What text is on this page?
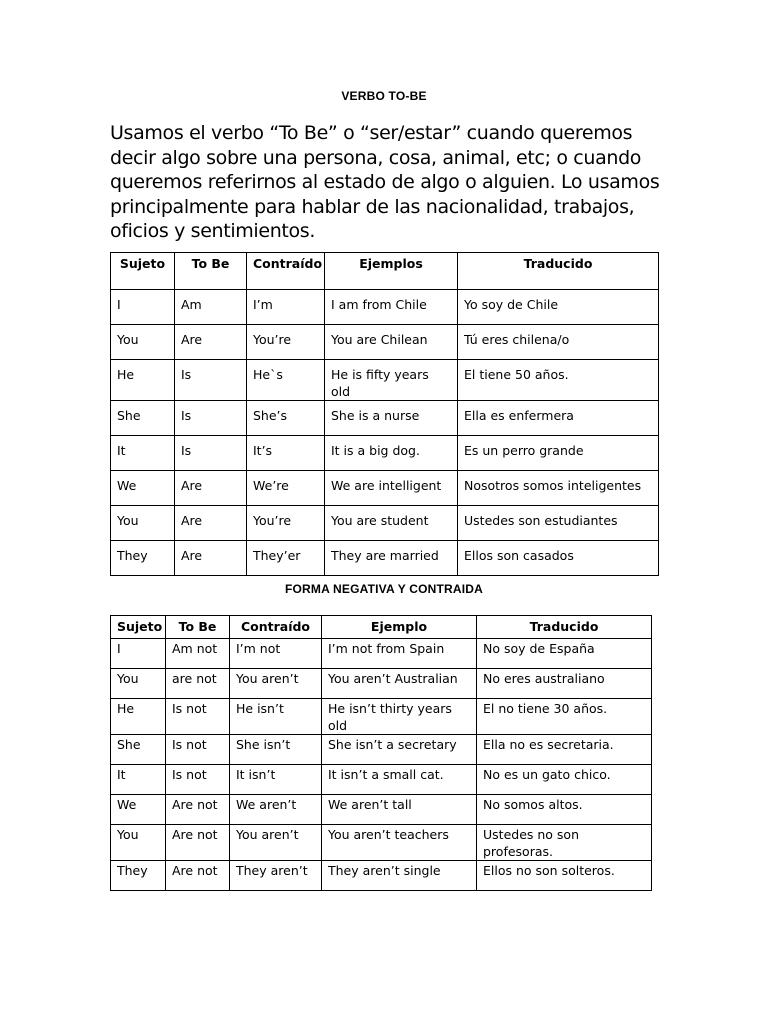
VERBO TO-BE

Usamos el verbo “To Be” o “ser/estar” cuando queremos decir algo sobre una persona, cosa, animal, etc; o cuando queremos referirnos al estado de algo o alguien. Lo usamos principalmente para hablar de las nacionalidad, trabajos, oficios y sentimientos.

Sujeto	To Be	Contraído	Ejemplos	Traducido
I	Am	I’m	I am from Chile	Yo soy de Chile
You	Are	You’re	You are Chilean	Tú eres chilena/o
He	Is	He`s	He is fifty years old	El tiene 50 años.
She	Is	She’s	She is a nurse	Ella es enfermera
It	Is	It’s	It is a big dog.	Es un perro grande
We	Are	We’re	We are intelligent	Nosotros somos inteligentes
You	Are	You’re	You are student	Ustedes son estudiantes
They	Are	They’er	They are married	Ellos son casados
FORMA NEGATIVA Y CONTRAIDA
Sujeto	To Be	Contraído	Ejemplo	Traducido
I	Am not	I’m not	I’m not from Spain	No soy de España
You	are not	You aren’t	You aren’t Australian	No eres australiano
He	Is not	He isn’t	He isn’t thirty years old	El no tiene 30 años.
She	Is not	She isn’t	She isn’t a secretary	Ella no es secretaria.
It	Is not	It isn’t	It isn’t a small cat.	No es un gato chico.
We	Are not	We aren’t	We aren’t tall	No somos altos.
You	Are not	You aren’t	You aren’t teachers	Ustedes no son profesoras.
They	Are not	They aren’t	They aren’t single	Ellos no son solteros.
